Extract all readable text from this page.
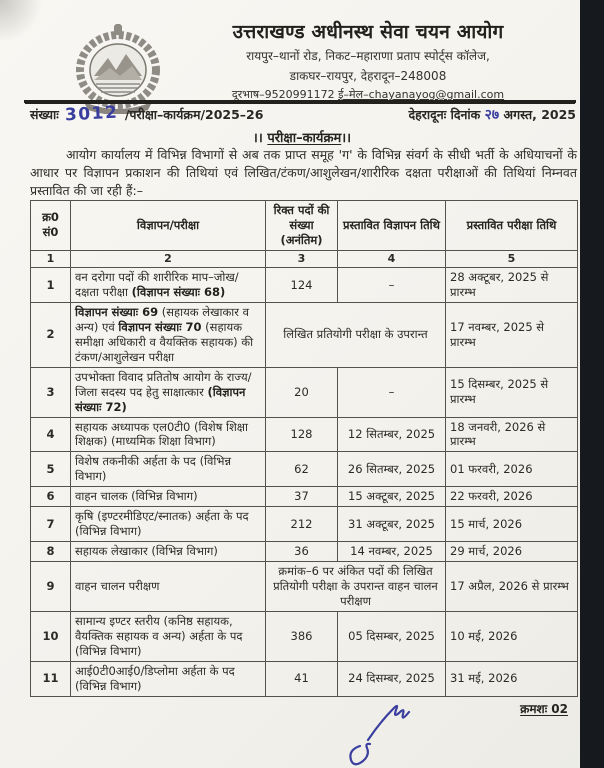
उत्तराखण्ड अधीनस्थ सेवा चयन आयोग
रायपुर–थानों रोड, निकट–महाराणा प्रताप स्पोर्ट्स कॉलेज,
डाकघर–रायपुर, देहरादून–248008
दूरभाष–9520991172 ई–मेल–chayanayog@gmail.com
संख्याः 3012 /परीक्षा–कार्यक्रम/2025–26	देहरादूनः दिनांक २७ अगस्त, 2025
।। परीक्षा–कार्यक्रम।।

आयोग कार्यालय में विभिन्न विभागों से अब तक प्राप्त समूह 'ग' के विभिन्न संवर्ग के सीधी भर्ती के अधियाचनों के आधार पर विज्ञापन प्रकाशन की तिथियां एवं लिखित/टंकण/आशुलेखन/शारीरिक दक्षता परीक्षाओं की तिथियां निम्नवत प्रस्तावित की जा रही हैं:–

क्र0 सं0	विज्ञापन/परीक्षा	रिक्त पदों की संख्या (अनंतिम)	प्रस्तावित विज्ञापन तिथि	प्रस्तावित परीक्षा तिथि
1	2	3	4	5
1	वन दरोगा पदों की शारीरिक माप–जोख/दक्षता परीक्षा (विज्ञापन संख्याः 68)	124	–	28 अक्टूबर, 2025 से प्रारम्भ
2	विज्ञापन संख्याः 69 (सहायक लेखाकार व अन्य) एवं विज्ञापन संख्याः 70 (सहायक समीक्षा अधिकारी व वैयक्तिक सहायक) की टंकण/आशुलेखन परीक्षा	लिखित प्रतियोगी परीक्षा के उपरान्त		17 नवम्बर, 2025 से प्रारम्भ
3	उपभोक्ता विवाद प्रतितोष आयोग के राज्य/जिला सदस्य पद हेतु साक्षात्कार (विज्ञापन संख्याः 72)	20	–	15 दिसम्बर, 2025 से प्रारम्भ
4	सहायक अध्यापक एल0टी0 (विशेष शिक्षा शिक्षक) (माध्यमिक शिक्षा विभाग)	128	12 सितम्बर, 2025	18 जनवरी, 2026 से प्रारम्भ
5	विशेष तकनीकी अर्हता के पद (विभिन्न विभाग)	62	26 सितम्बर, 2025	01 फरवरी, 2026
6	वाहन चालक (विभिन्न विभाग)	37	15 अक्टूबर, 2025	22 फरवरी, 2026
7	कृषि (इण्टरमीडिएट/स्नातक) अर्हता के पद (विभिन्न विभाग)	212	31 अक्टूबर, 2025	15 मार्च, 2026
8	सहायक लेखाकार (विभिन्न विभाग)	36	14 नवम्बर, 2025	29 मार्च, 2026
9	वाहन चालन परीक्षण	क्रमांक–6 पर अंकित पदों की लिखित प्रतियोगी परीक्षा के उपरान्त वाहन चालन परीक्षण		17 अप्रैल, 2026 से प्रारम्भ
10	सामान्य इण्टर स्तरीय (कनिष्ठ सहायक, वैयक्तिक सहायक व अन्य) अर्हता के पद (विभिन्न विभाग)	386	05 दिसम्बर, 2025	10 मई, 2026
11	आई0टी0आई0/डिप्लोमा अर्हता के पद (विभिन्न विभाग)	41	24 दिसम्बर, 2025	31 मई, 2026
क्रमशः 02
